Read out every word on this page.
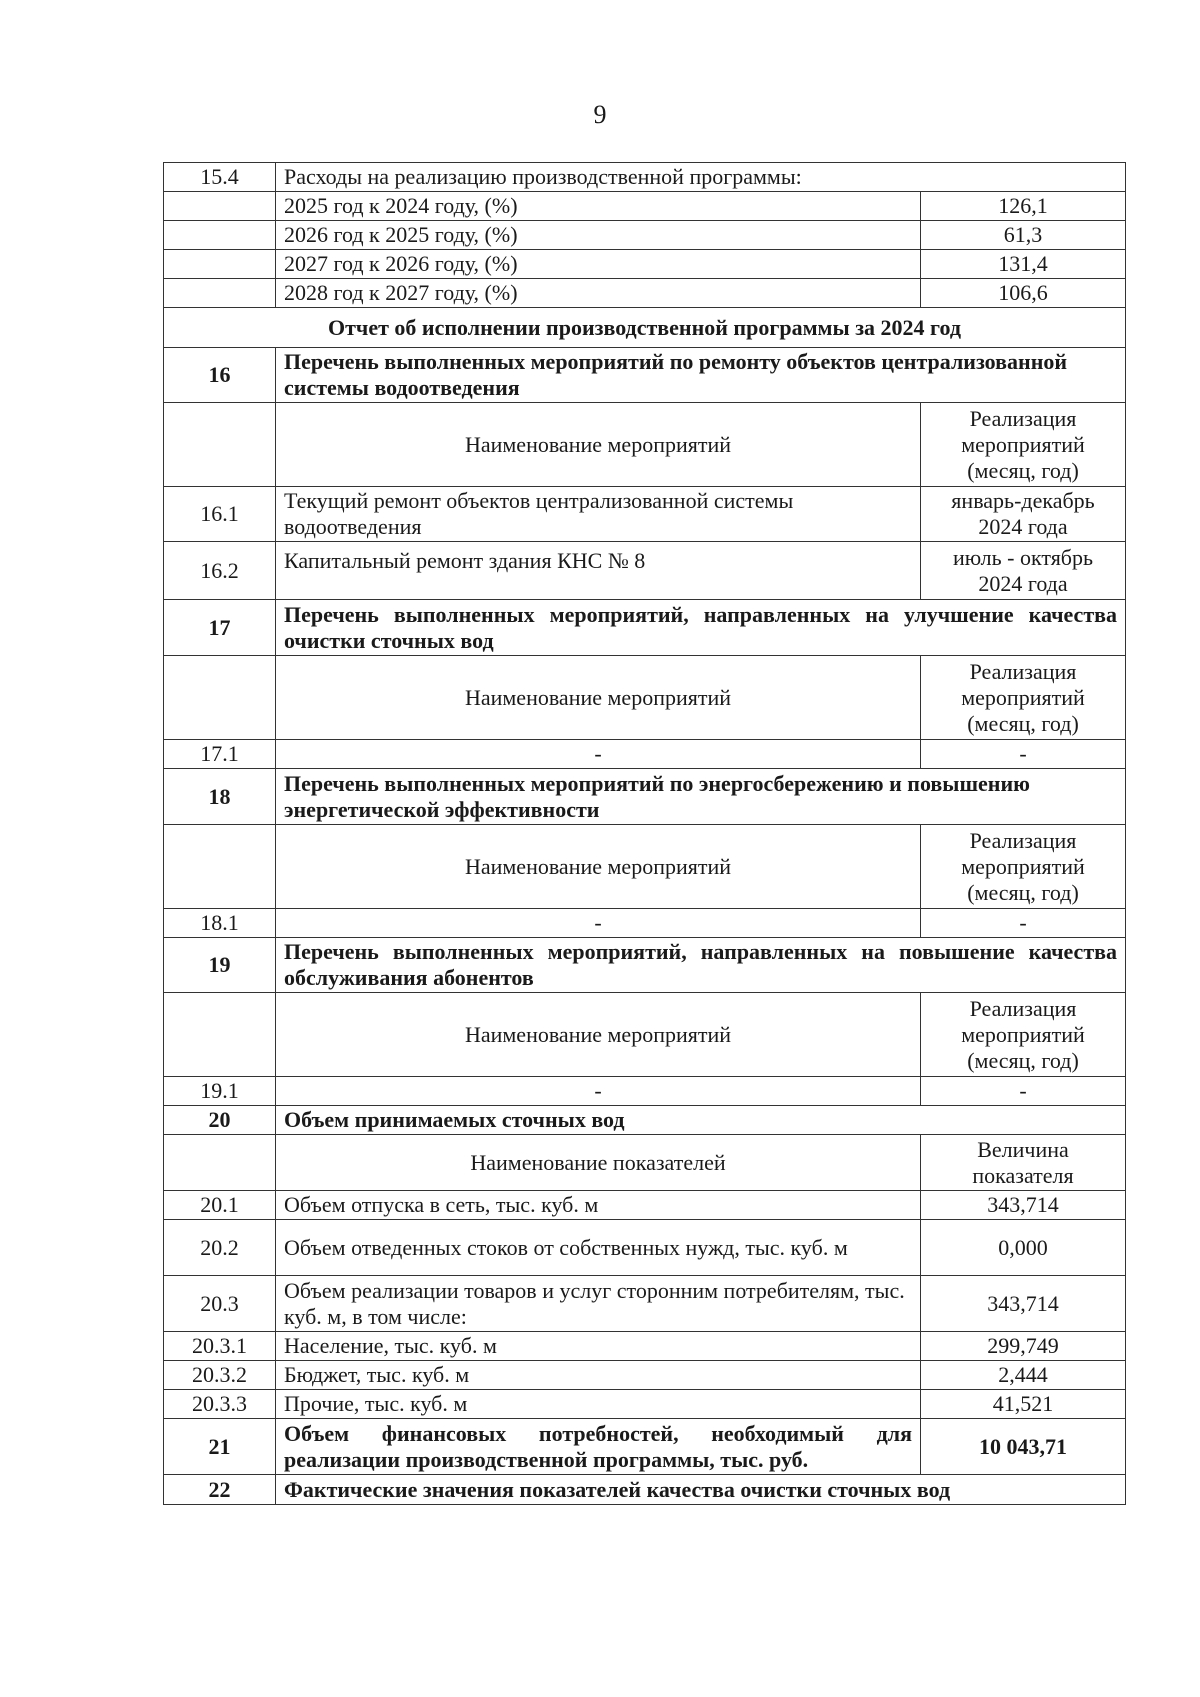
9
15.4	Расходы на реализацию производственной программы:	
	2025 год к 2024 году, (%)	126,1
	2026 год к 2025 году, (%)	61,3
	2027 год к 2026 году, (%)	131,4
	2028 год к 2027 году, (%)	106,6
Отчет об исполнении производственной программы за 2024 год		
16	Перечень выполненных мероприятий по ремонту объектов централизованной системы водоотведения	
	Наименование мероприятий	Реализация мероприятий (месяц, год)
16.1	Текущий ремонт объектов централизованной системы водоотведения	январь-декабрь 2024 года
16.2	Капитальный ремонт здания КНС № 8	июль - октябрь 2024 года
17	Перечень выполненных мероприятий, направленных на улучшение качества очистки сточных вод	
	Наименование мероприятий	Реализация мероприятий (месяц, год)
17.1	-	-
18	Перечень выполненных мероприятий по энергосбережению и повышению энергетической эффективности	
	Наименование мероприятий	Реализация мероприятий (месяц, год)
18.1	-	-
19	Перечень выполненных мероприятий, направленных на повышение качества обслуживания абонентов	
	Наименование мероприятий	Реализация мероприятий (месяц, год)
19.1	-	-
20	Объем принимаемых сточных вод	
	Наименование показателей	Величина показателя
20.1	Объем отпуска в сеть, тыс. куб. м	343,714
20.2	Объем отведенных стоков от собственных нужд, тыс. куб. м	0,000
20.3	Объем реализации товаров и услуг сторонним потребителям, тыс. куб. м, в том числе:	343,714
20.3.1	Население, тыс. куб. м	299,749
20.3.2	Бюджет, тыс. куб. м	2,444
20.3.3	Прочие, тыс. куб. м	41,521
21	Объем финансовых потребностей, необходимый для реализации производственной программы, тыс. руб.	10 043,71
22	Фактические значения показателей качества очистки сточных вод	
